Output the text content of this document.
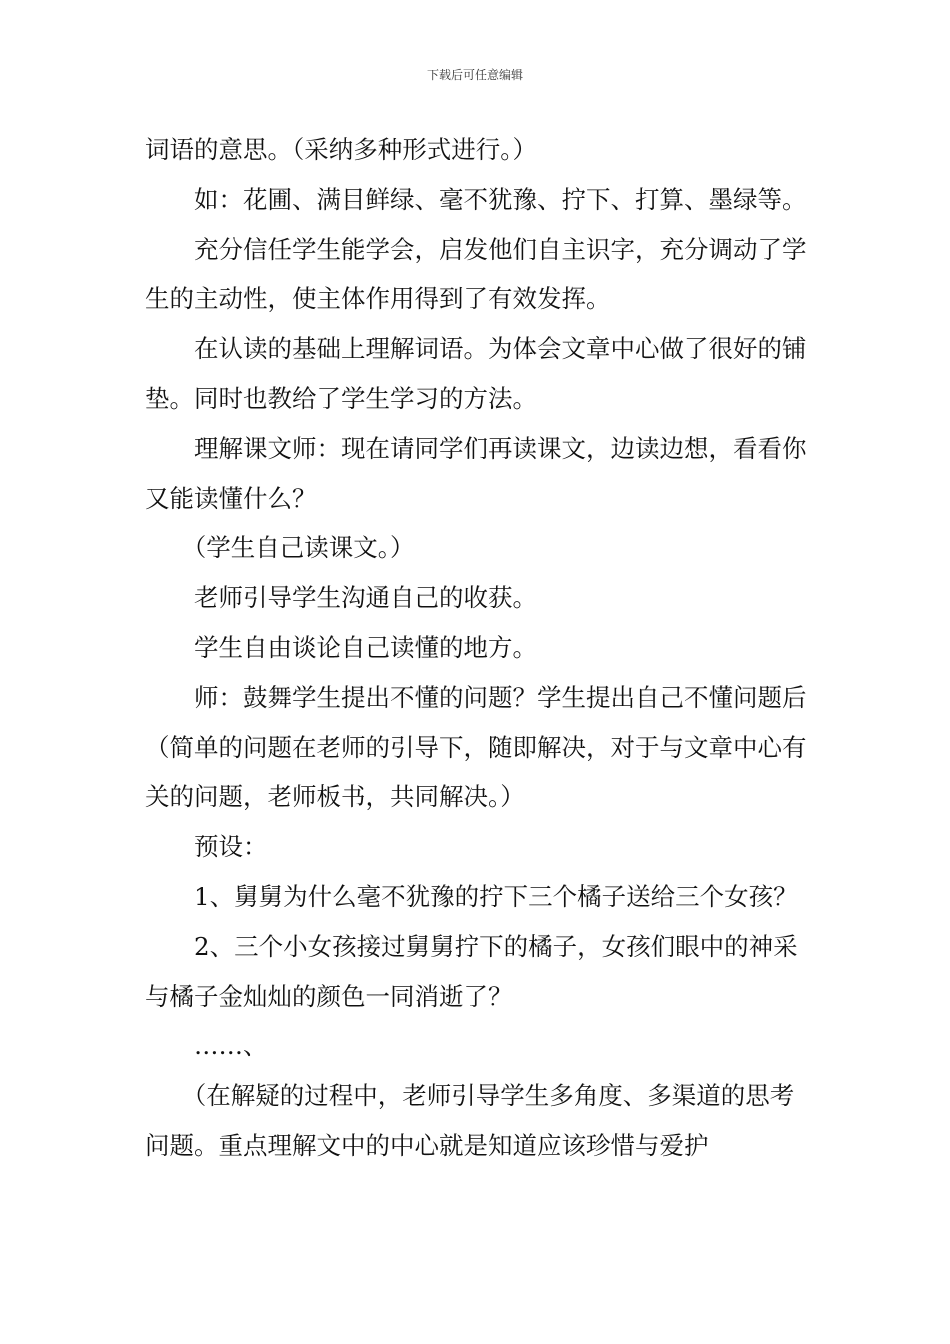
下载后可任意编辑

词语的意思。（采纳多种形式进行。）

如：花圃、满目鲜绿、毫不犹豫、拧下、打算、墨绿等。

充分信任学生能学会，启发他们自主识字，充分调动了学生的主动性，使主体作用得到了有效发挥。

在认读的基础上理解词语。为体会文章中心做了很好的铺垫。同时也教给了学生学习的方法。

理解课文师：现在请同学们再读课文，边读边想，看看你又能读懂什么？

（学生自己读课文。）

老师引导学生沟通自己的收获。

学生自由谈论自己读懂的地方。

师：鼓舞学生提出不懂的问题？学生提出自己不懂问题后（简单的问题在老师的引导下，随即解决，对于与文章中心有关的问题，老师板书，共同解决。）

预设：

1、舅舅为什么毫不犹豫的拧下三个橘子送给三个女孩？

2、三个小女孩接过舅舅拧下的橘子，女孩们眼中的神采与橘子金灿灿的颜色一同消逝了？

……、

（在解疑的过程中，老师引导学生多角度、多渠道的思考问题。重点理解文中的中心就是知道应该珍惜与爱护
